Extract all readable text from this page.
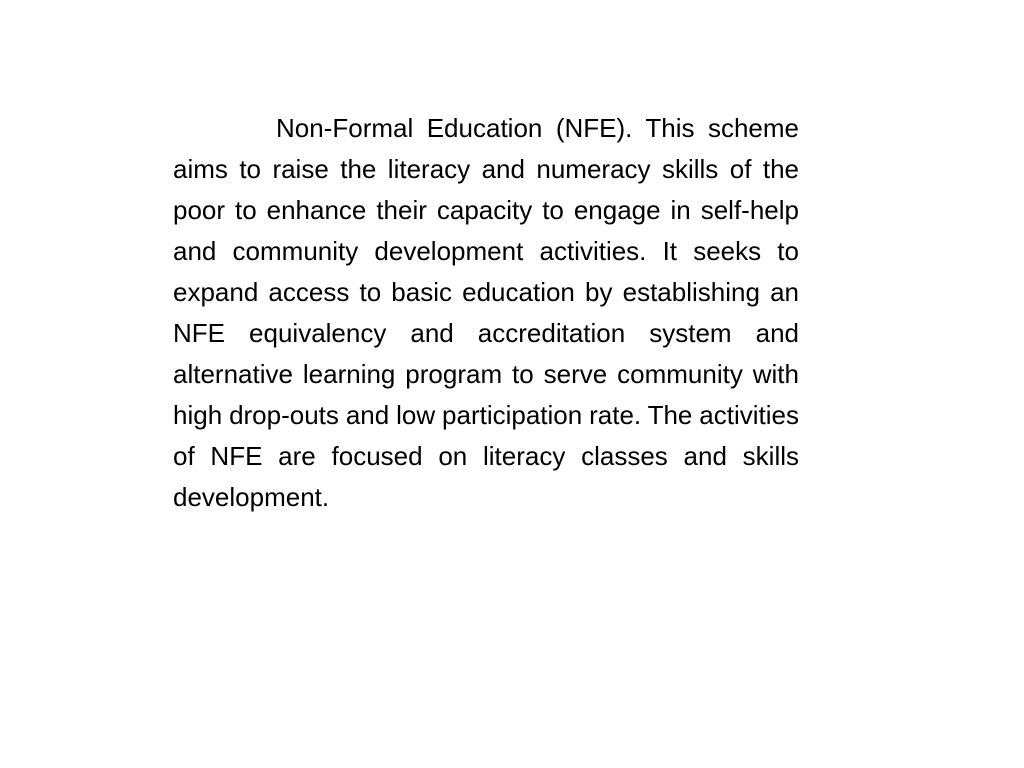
Non-Formal Education (NFE). This scheme aims to raise the literacy and numeracy skills of the poor to enhance their capacity to engage in self-help and community development activities. It seeks to expand access to basic education by establishing an NFE equivalency and accreditation system and alternative learning program to serve community with high drop-outs and low participation rate. The activities of NFE are focused on literacy classes and skills development.
